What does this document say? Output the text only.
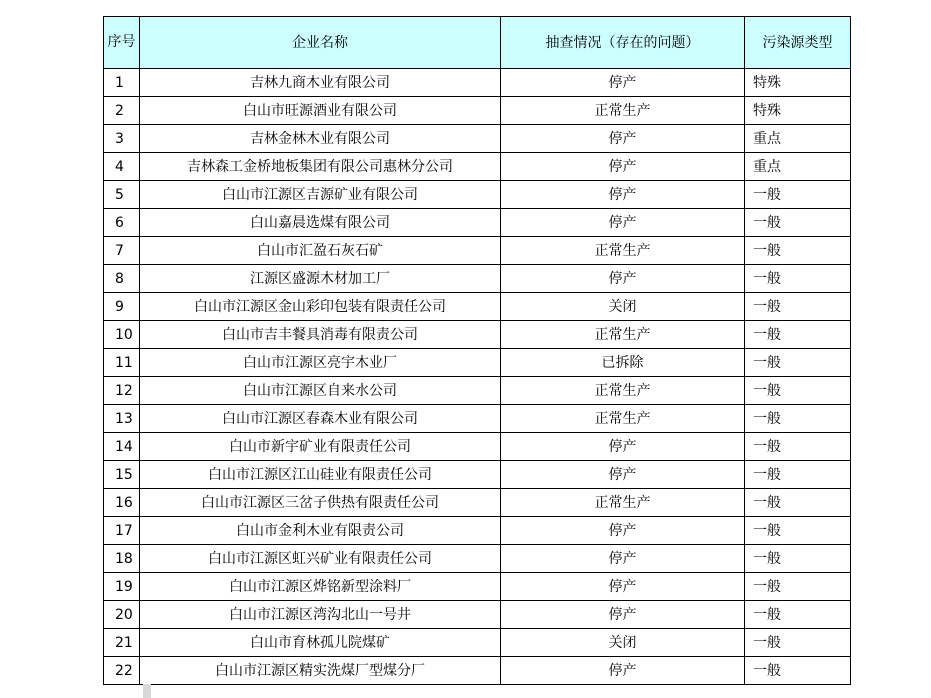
序号	企业名称	抽查情况（存在的问题）	污染源类型
1	吉林九商木业有限公司	停产	特殊
2	白山市旺源酒业有限公司	正常生产	特殊
3	吉林金林木业有限公司	停产	重点
4	吉林森工金桥地板集团有限公司惠林分公司	停产	重点
5	白山市江源区吉源矿业有限公司	停产	一般
6	白山嘉晨选煤有限公司	停产	一般
7	白山市汇盈石灰石矿	正常生产	一般
8	江源区盛源木材加工厂	停产	一般
9	白山市江源区金山彩印包装有限责任公司	关闭	一般
10	白山市吉丰餐具消毒有限责公司	正常生产	一般
11	白山市江源区亮宇木业厂	已拆除	一般
12	白山市江源区自来水公司	正常生产	一般
13	白山市江源区春森木业有限公司	正常生产	一般
14	白山市新宇矿业有限责任公司	停产	一般
15	白山市江源区江山硅业有限责任公司	停产	一般
16	白山市江源区三岔子供热有限责任公司	正常生产	一般
17	白山市金利木业有限责公司	停产	一般
18	白山市江源区虹兴矿业有限责任公司	停产	一般
19	白山市江源区烨铭新型涂料厂	停产	一般
20	白山市江源区湾沟北山一号井	停产	一般
21	白山市育林孤儿院煤矿	关闭	一般
22	白山市江源区精实洗煤厂型煤分厂	停产	一般
